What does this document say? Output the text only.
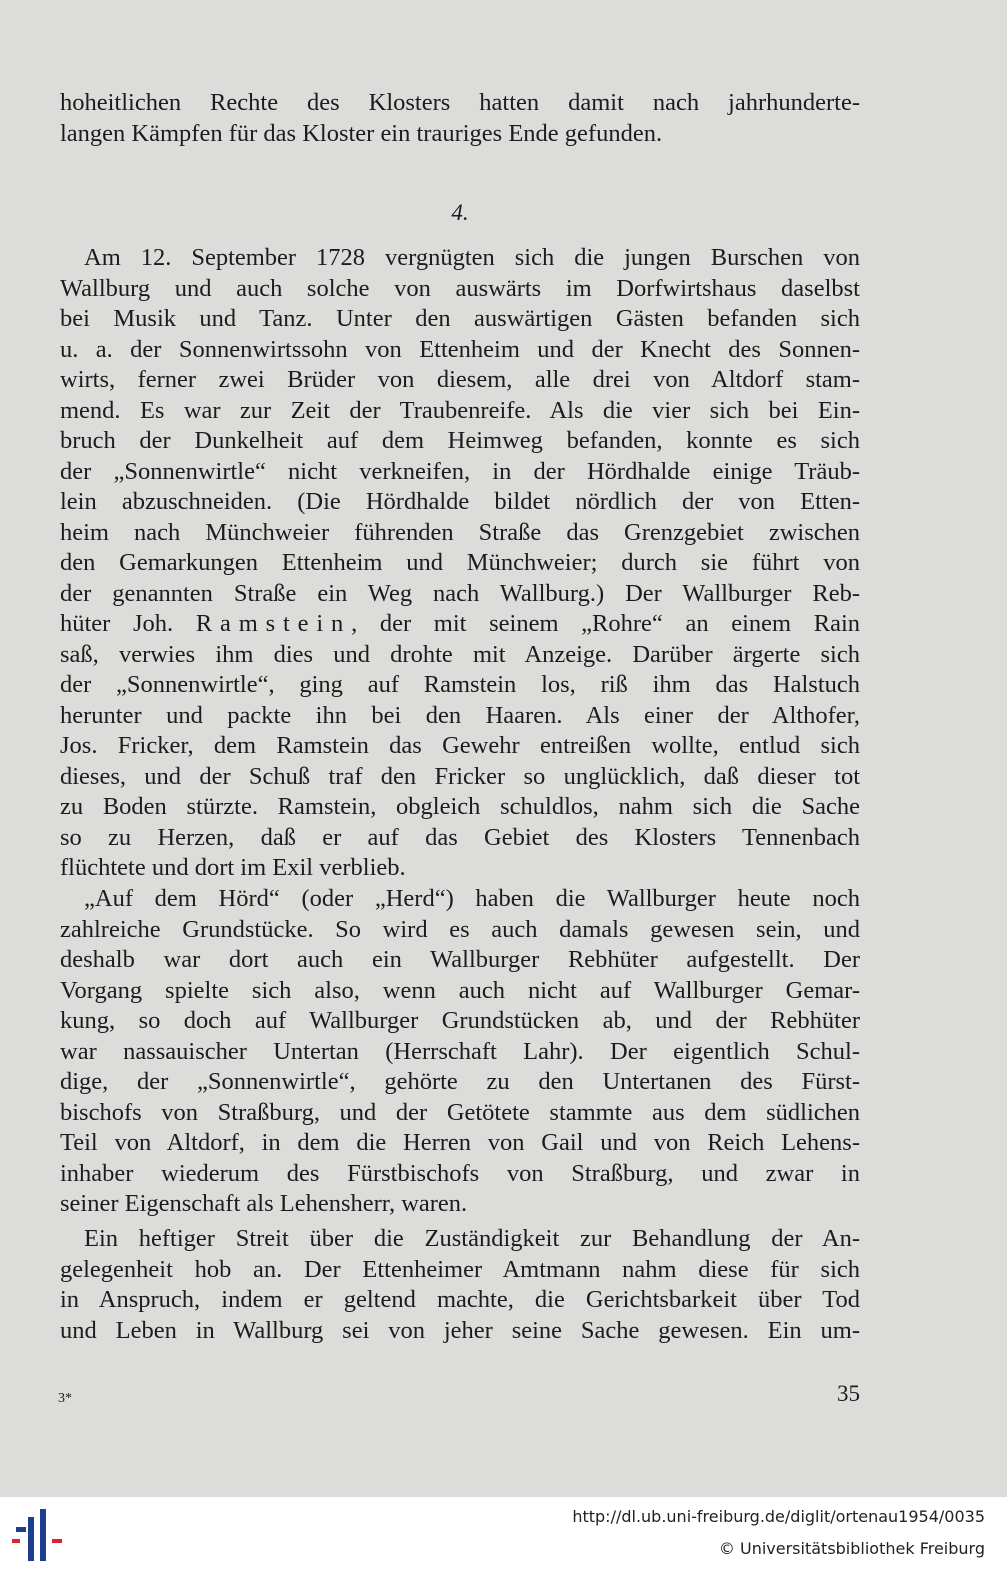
hoheitlichen Rechte des Klosters hatten damit nach jahrhunderte-
langen Kämpfen für das Kloster ein trauriges Ende gefunden.
4.
Am 12. September 1728 vergnügten sich die jungen Burschen von
Wallburg und auch solche von auswärts im Dorfwirtshaus daselbst
bei Musik und Tanz. Unter den auswärtigen Gästen befanden sich
u. a. der Sonnenwirtssohn von Ettenheim und der Knecht des Sonnen-
wirts, ferner zwei Brüder von diesem, alle drei von Altdorf stam-
mend. Es war zur Zeit der Traubenreife. Als die vier sich bei Ein-
bruch der Dunkelheit auf dem Heimweg befanden, konnte es sich
der „Sonnenwirtle“ nicht verkneifen, in der Hördhalde einige Träub-
lein abzuschneiden. (Die Hördhalde bildet nördlich der von Etten-
heim nach Münchweier führenden Straße das Grenzgebiet zwischen
den Gemarkungen Ettenheim und Münchweier; durch sie führt von
der genannten Straße ein Weg nach Wallburg.) Der Wallburger Reb-
hüter Joh. Ramstein, der mit seinem „Rohre“ an einem Rain
saß, verwies ihm dies und drohte mit Anzeige. Darüber ärgerte sich
der „Sonnenwirtle“, ging auf Ramstein los, riß ihm das Halstuch
herunter und packte ihn bei den Haaren. Als einer der Althofer,
Jos. Fricker, dem Ramstein das Gewehr entreißen wollte, entlud sich
dieses, und der Schuß traf den Fricker so unglücklich, daß dieser tot
zu Boden stürzte. Ramstein, obgleich schuldlos, nahm sich die Sache
so zu Herzen, daß er auf das Gebiet des Klosters Tennenbach
flüchtete und dort im Exil verblieb.
„Auf dem Hörd“ (oder „Herd“) haben die Wallburger heute noch
zahlreiche Grundstücke. So wird es auch damals gewesen sein, und
deshalb war dort auch ein Wallburger Rebhüter aufgestellt. Der
Vorgang spielte sich also, wenn auch nicht auf Wallburger Gemar-
kung, so doch auf Wallburger Grundstücken ab, und der Rebhüter
war nassauischer Untertan (Herrschaft Lahr). Der eigentlich Schul-
dige, der „Sonnenwirtle“, gehörte zu den Untertanen des Fürst-
bischofs von Straßburg, und der Getötete stammte aus dem südlichen
Teil von Altdorf, in dem die Herren von Gail und von Reich Lehens-
inhaber wiederum des Fürstbischofs von Straßburg, und zwar in
seiner Eigenschaft als Lehensherr, waren.
Ein heftiger Streit über die Zuständigkeit zur Behandlung der An-
gelegenheit hob an. Der Ettenheimer Amtmann nahm diese für sich
in Anspruch, indem er geltend machte, die Gerichtsbarkeit über Tod
und Leben in Wallburg sei von jeher seine Sache gewesen. Ein um-
3*	35
http://dl.ub.uni-freiburg.de/diglit/ortenau1954/0035
© Universitätsbibliothek Freiburg
